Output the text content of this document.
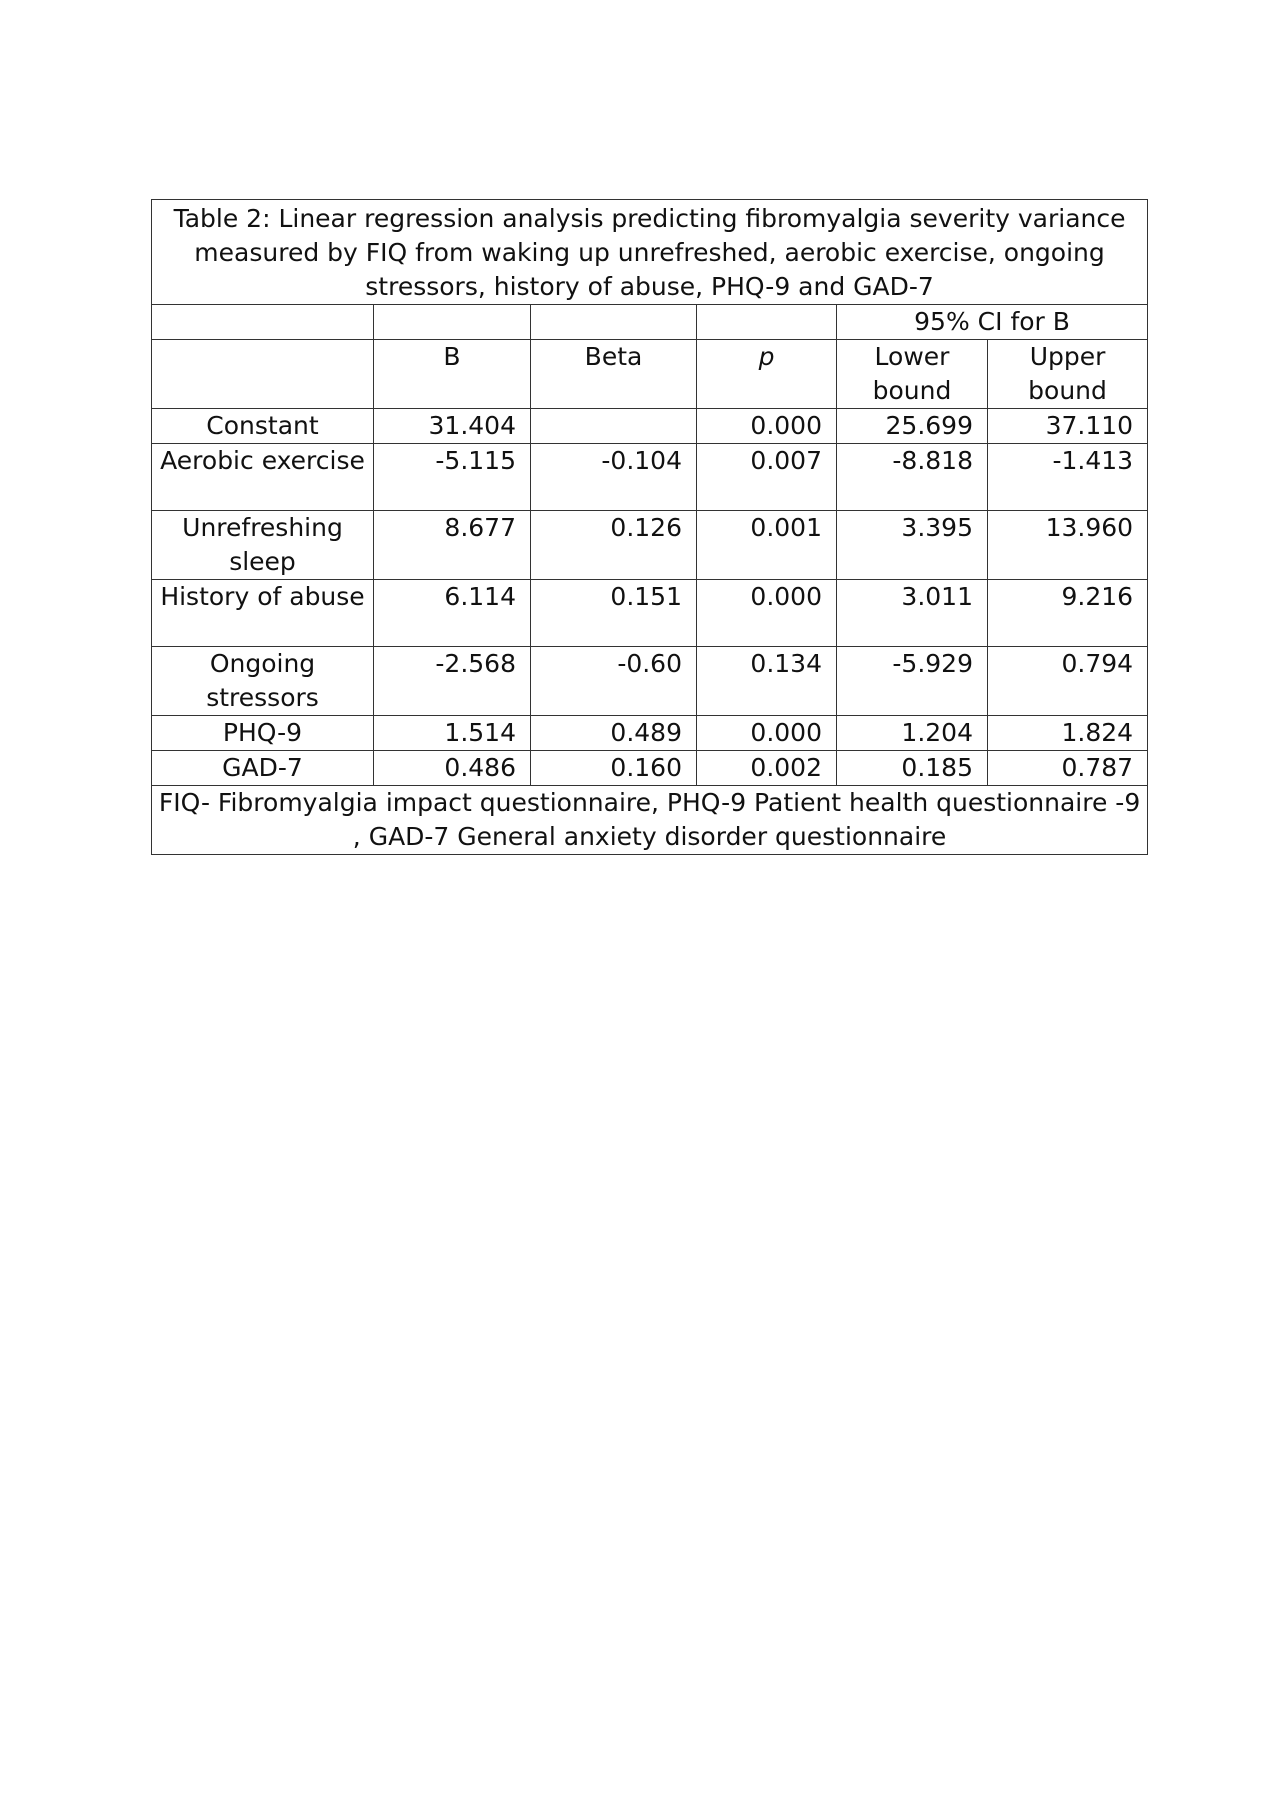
Table 2: Linear regression analysis predicting fibromyalgia severity variance measured by FIQ from waking up unrefreshed, aerobic exercise, ongoing stressors, history of abuse, PHQ-9 and GAD-7					
				95% CI for B	
	B	Beta	p	Lower bound	Upper bound
Constant	31.404		0.000	25.699	37.110
Aerobic exercise	-5.115	-0.104	0.007	-8.818	-1.413
Unrefreshing sleep	8.677	0.126	0.001	3.395	13.960
History of abuse	6.114	0.151	0.000	3.011	9.216
Ongoing stressors	-2.568	-0.60	0.134	-5.929	0.794
PHQ-9	1.514	0.489	0.000	1.204	1.824
GAD-7	0.486	0.160	0.002	0.185	0.787
FIQ- Fibromyalgia impact questionnaire, PHQ-9 Patient health questionnaire -9 , GAD-7 General anxiety disorder questionnaire					
